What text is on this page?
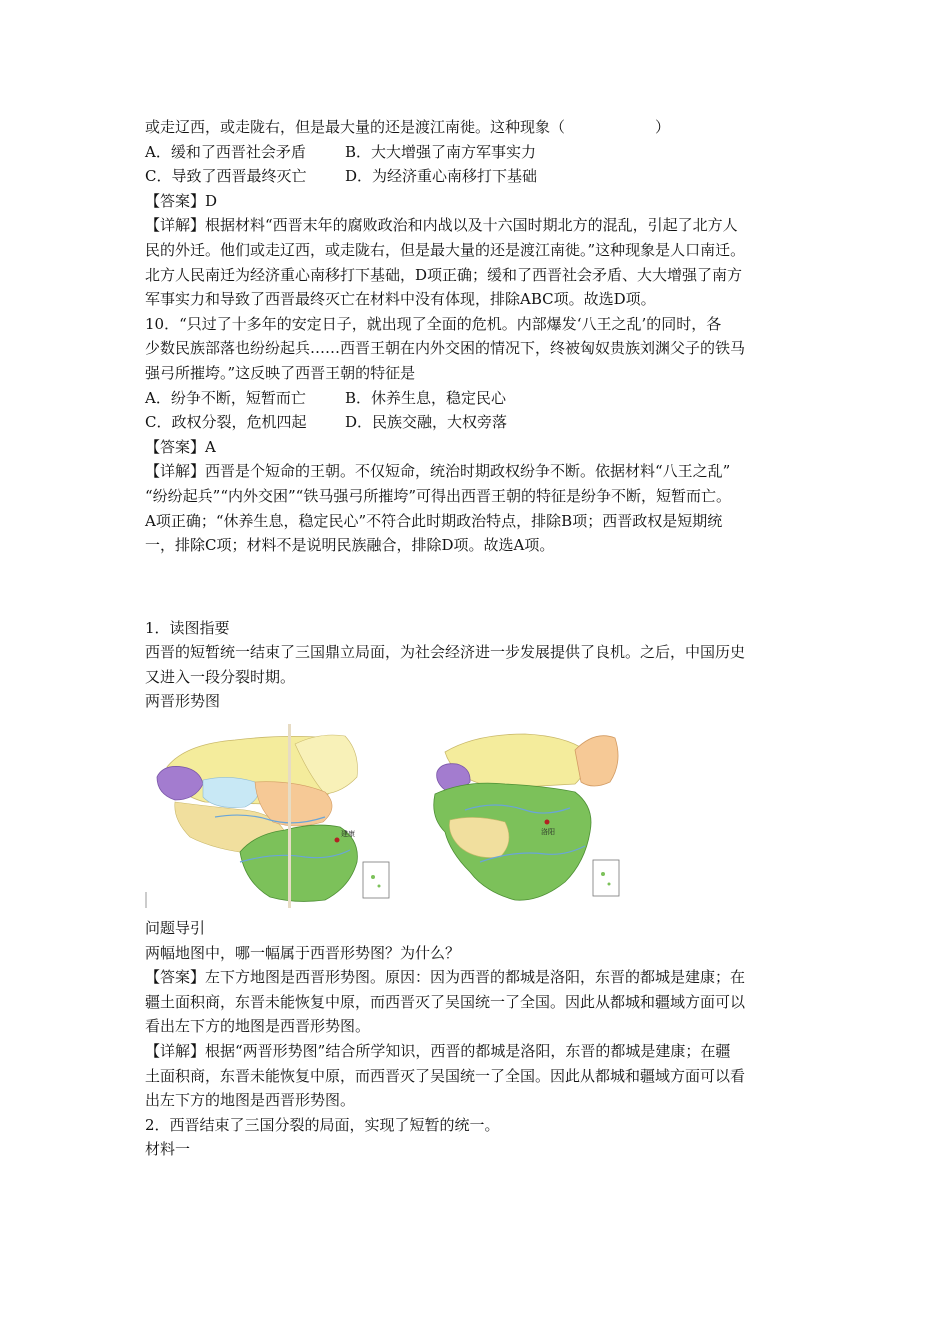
或走辽西，或走陇右，但是最大量的还是渡江南徙。这种现象（　　　　　　）
A．缓和了西晋社会矛盾	B．大大增强了南方军事实力
C．导致了西晋最终灭亡	D．为经济重心南移打下基础
【答案】D
【详解】根据材料“西晋末年的腐败政治和内战以及十六国时期北方的混乱，引起了北方人
民的外迁。他们或走辽西，或走陇右，但是最大量的还是渡江南徙。”这种现象是人口南迁。
北方人民南迁为经济重心南移打下基础，D项正确；缓和了西晋社会矛盾、大大增强了南方
军事实力和导致了西晋最终灭亡在材料中没有体现，排除ABC项。故选D项。
10．“只过了十多年的安定日子，就出现了全面的危机。内部爆发‘八王之乱’的同时，各
少数民族部落也纷纷起兵……西晋王朝在内外交困的情况下，终被匈奴贵族刘渊父子的铁马
强弓所摧垮。”这反映了西晋王朝的特征是
A．纷争不断，短暂而亡	B．休养生息，稳定民心
C．政权分裂，危机四起	D．民族交融，大权旁落
【答案】A
【详解】西晋是个短命的王朝。不仅短命，统治时期政权纷争不断。依据材料“八王之乱”
“纷纷起兵”“内外交困”“铁马强弓所摧垮”可得出西晋王朝的特征是纷争不断，短暂而亡。
A项正确；“休养生息，稳定民心”不符合此时期政治特点，排除B项；西晋政权是短期统
一，排除C项；材料不是说明民族融合，排除D项。故选A项。
1．读图指要
西晋的短暂统一结束了三国鼎立局面，为社会经济进一步发展提供了良机。之后，中国历史
又进入一段分裂时期。
两晋形势图
建康	洛阳
问题导引
两幅地图中，哪一幅属于西晋形势图？为什么？
【答案】左下方地图是西晋形势图。原因：因为西晋的都城是洛阳，东晋的都城是建康；在
疆土面积商，东晋未能恢复中原，而西晋灭了吴国统一了全国。因此从都城和疆域方面可以
看出左下方的地图是西晋形势图。
【详解】根据“两晋形势图”结合所学知识，西晋的都城是洛阳，东晋的都城是建康；在疆
土面积商，东晋未能恢复中原，而西晋灭了吴国统一了全国。因此从都城和疆域方面可以看
出左下方的地图是西晋形势图。
2．西晋结束了三国分裂的局面，实现了短暂的统一。
材料一
